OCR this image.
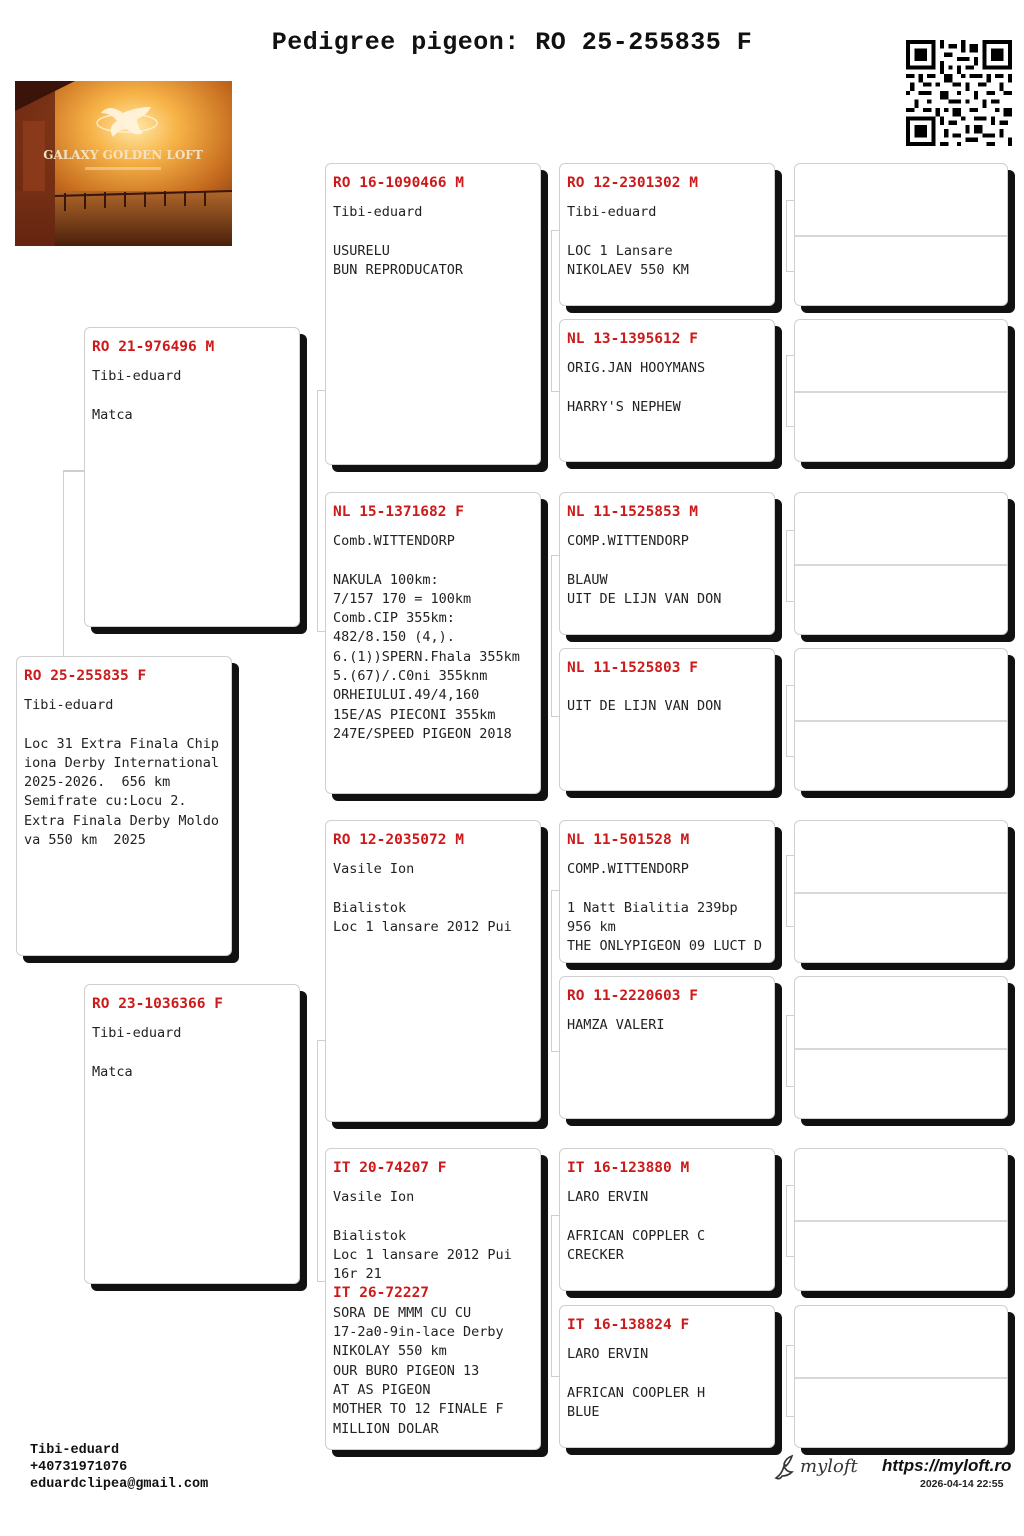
Pedigree pigeon: RO 25-255835 F
GALAXY GOLDEN LOFT
RO 25-255835 F
Tibi-eduard
Loc 31 Extra Finala Chip
iona Derby International
2025-2026.  656 km
Semifrate cu:Locu 2.
Extra Finala Derby Moldo
va 550 km  2025
RO 21-976496 M
Tibi-eduard
Matca
RO 23-1036366 F
Tibi-eduard
Matca
RO 16-1090466 M
Tibi-eduard
USURELU
BUN REPRODUCATOR
NL 15-1371682 F
Comb.WITTENDORP
NAKULA 100km:
7/157 170 = 100km
Comb.CIP 355km:
482/8.150 (4,).
6.(1))SPERN.Fhala 355km
5.(67)/.C0ni 355knm
ORHEIULUI.49/4,160
15E/AS PIECONI 355km
247E/SPEED PIGEON 2018
RO 12-2035072 M
Vasile Ion
Bialistok
Loc 1 lansare 2012 Pui
IT 20-74207 F
Vasile Ion
Bialistok
Loc 1 lansare 2012 Pui
16r 21
IT 26-72227
SORA DE MMM CU CU
17-2a0-9in-lace Derby
NIKOLAY 550 km
OUR BURO PIGEON 13
AT AS PIGEON
MOTHER TO 12 FINALE F
MILLION DOLAR
RO 12-2301302 M
Tibi-eduard
LOC 1 Lansare
NIKOLAEV 550 KM
NL 13-1395612 F
ORIG.JAN HOOYMANS
HARRY'S NEPHEW
NL 11-1525853 M
COMP.WITTENDORP
BLAUW
UIT DE LIJN VAN DON
NL 11-1525803 F
UIT DE LIJN VAN DON
NL 11-501528 M
COMP.WITTENDORP
1 Natt Bialitia 239bp
956 km
THE ONLYPIGEON 09 LUCT D
RO 11-2220603 F
HAMZA VALERI
IT 16-123880 M
LARO ERVIN
AFRICAN COPPLER C
CRECKER
IT 16-138824 F
LARO ERVIN
AFRICAN COOPLER H
BLUE
Tibi-eduard
+40731971076
eduardclipea@gmail.com
myloft https://myloft.ro
2026-04-14 22:55
